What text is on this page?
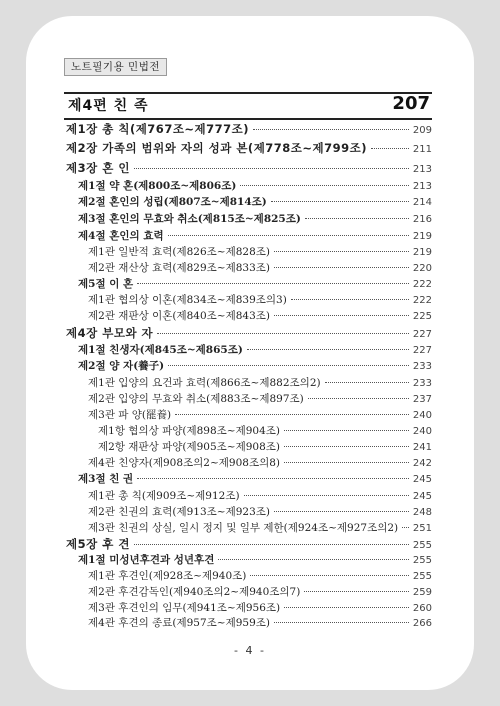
노트필기용 민법전
제4편 친 족	207
제1장 총 칙(제767조~제777조)	209
제2장 가족의 범위와 자의 성과 본(제778조~제799조)	211
제3장 혼 인	213
제1절 약 혼(제800조~제806조)	213
제2절 혼인의 성립(제807조~제814조)	214
제3절 혼인의 무효와 취소(제815조~제825조)	216
제4절 혼인의 효력	219
제1관 일반적 효력(제826조~제828조)	219
제2관 재산상 효력(제829조~제833조)	220
제5절 이 혼	222
제1관 협의상 이혼(제834조~제839조의3)	222
제2관 재판상 이혼(제840조~제843조)	225
제4장 부모와 자	227
제1절 친생자(제845조~제865조)	227
제2절 양 자(養子)	233
제1관 입양의 요건과 효력(제866조~제882조의2)	233
제2관 입양의 무효와 취소(제883조~제897조)	237
제3관 파 양(罷養)	240
제1항 협의상 파양(제898조~제904조)	240
제2항 재판상 파양(제905조~제908조)	241
제4관 친양자(제908조의2~제908조의8)	242
제3절 친 권	245
제1관 총 칙(제909조~제912조)	245
제2관 친권의 효력(제913조~제923조)	248
제3관 친권의 상실, 일시 정지 및 일부 제한(제924조~제927조의2) 251
제5장 후 견	255
제1절 미성년후견과 성년후견	255
제1관 후견인(제928조~제940조)	255
제2관 후견감독인(제940조의2~제940조의7)	259
제3관 후견인의 임무(제941조~제956조)	260
제4관 후견의 종료(제957조~제959조)	266
- 4 -
